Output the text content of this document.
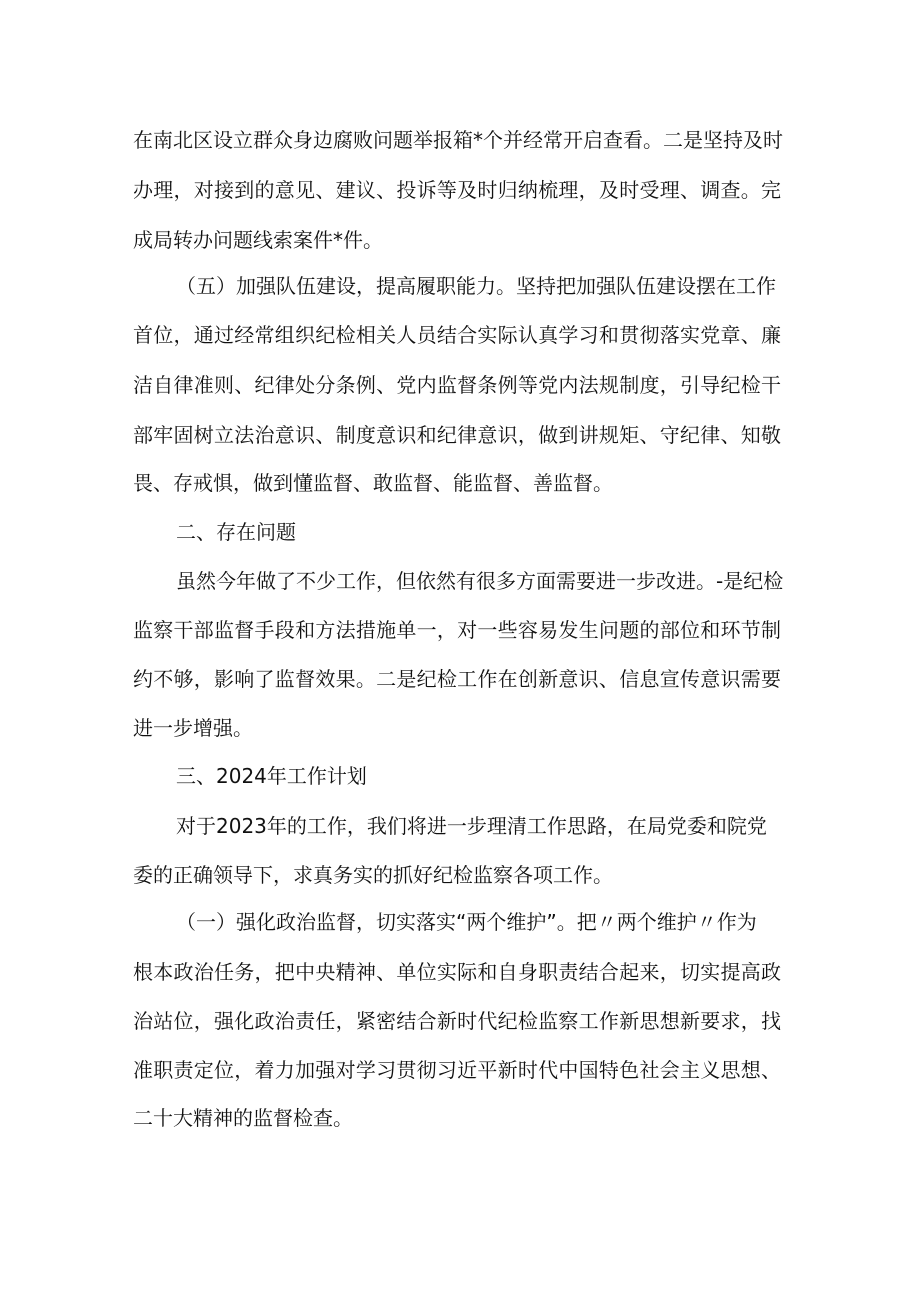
在南北区设立群众身边腐败问题举报箱*个并经常开启查看。二是坚持及时

办理，对接到的意见、建议、投诉等及时归纳梳理，及时受理、调查。完

成局转办问题线索案件*件。

（五）加强队伍建设，提高履职能力。坚持把加强队伍建设摆在工作

首位，通过经常组织纪检相关人员结合实际认真学习和贯彻落实党章、廉

洁自律准则、纪律处分条例、党内监督条例等党内法规制度，引导纪检干

部牢固树立法治意识、制度意识和纪律意识，做到讲规矩、守纪律、知敬

畏、存戒惧，做到懂监督、敢监督、能监督、善监督。

二、存在问题

虽然今年做了不少工作，但依然有很多方面需要进一步改进。-是纪检

监察干部监督手段和方法措施单一，对一些容易发生问题的部位和环节制

约不够，影响了监督效果。二是纪检工作在创新意识、信息宣传意识需要

进一步增强。

三、2024年工作计划

对于2023年的工作，我们将进一步理清工作思路，在局党委和院党

委的正确领导下，求真务实的抓好纪检监察各项工作。

（一）强化政治监督，切实落实“两个维护”。把〃两个维护〃作为

根本政治任务，把中央精神、单位实际和自身职责结合起来，切实提高政

治站位，强化政治责任，紧密结合新时代纪检监察工作新思想新要求，找

准职责定位，着力加强对学习贯彻习近平新时代中国特色社会主义思想、

二十大精神的监督检查。
